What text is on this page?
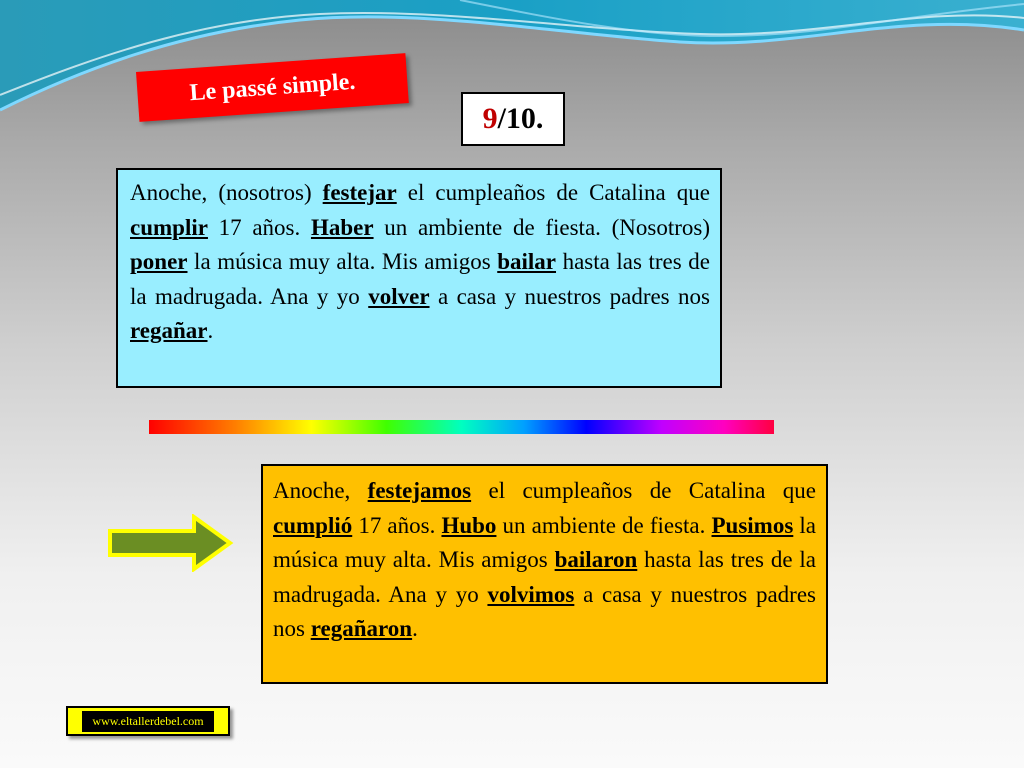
Le passé simple.
9 /10.
Anoche, (nosotros) festejar el cumpleaños de Catalina que cumplir 17 años. Haber un ambiente de fiesta. (Nosotros) poner la música muy alta. Mis amigos bailar hasta las tres de la madrugada. Ana y yo volver a casa y nuestros padres nos regañar.
Anoche, festejamos el cumpleaños de Catalina que cumplió 17 años. Hubo un ambiente de fiesta. Pusimos la música muy alta. Mis amigos bailaron hasta las tres de la madrugada. Ana y yo volvimos a casa y nuestros padres nos regañaron.
www.eltallerdebel.com
